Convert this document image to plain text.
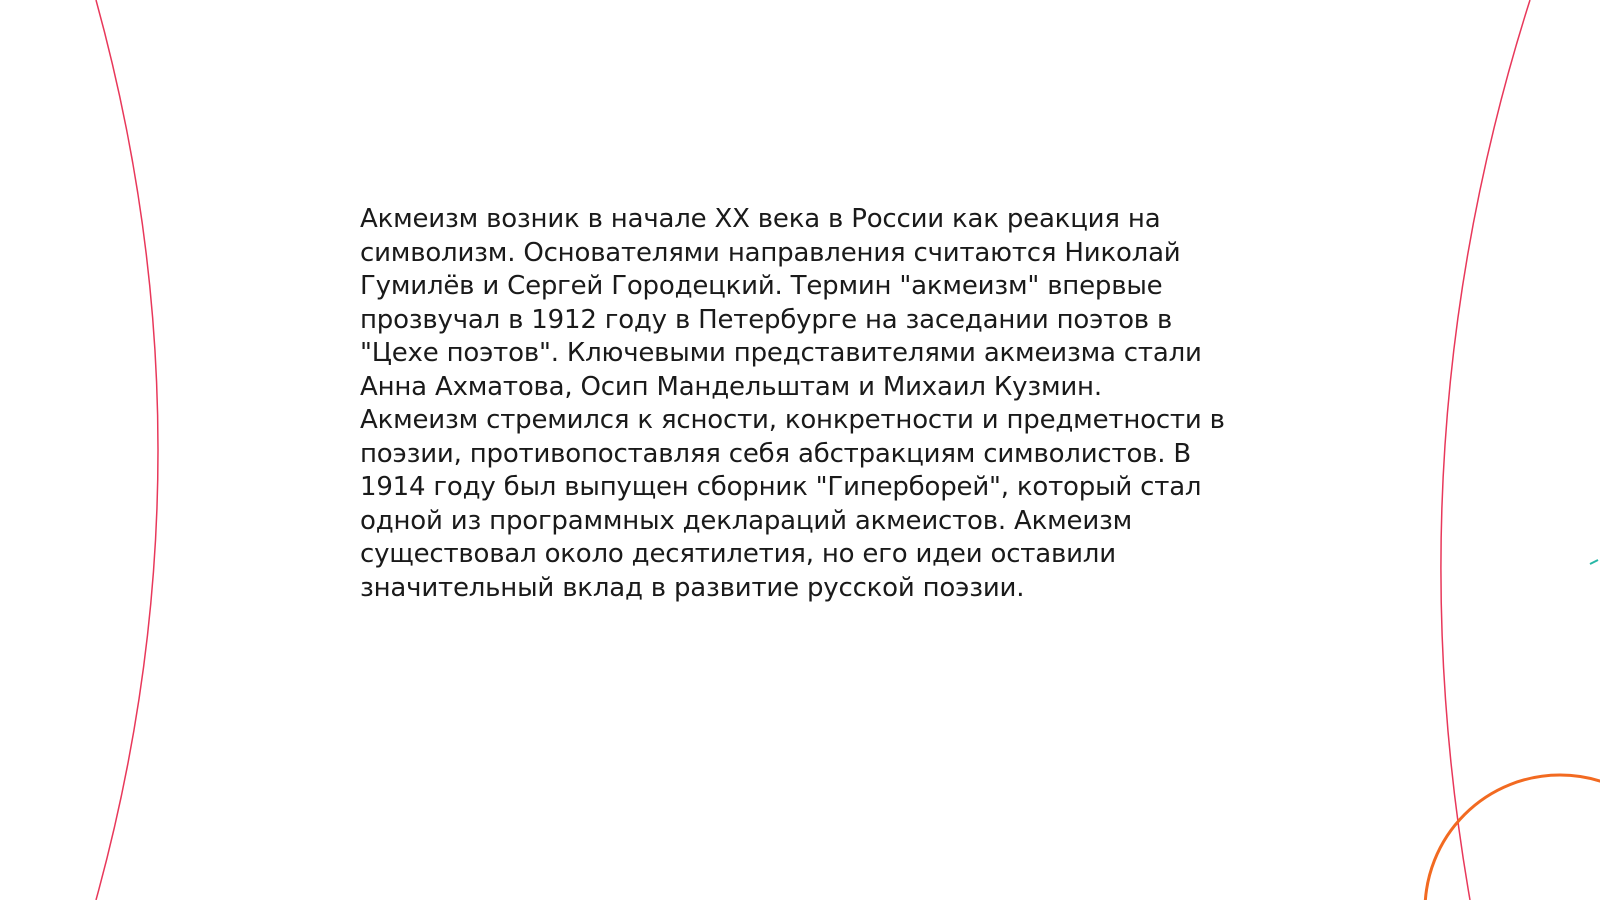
Акмеизм возник в начале XX века в России как реакция на
символизм. Основателями направления считаются Николай
Гумилёв и Сергей Городецкий. Термин "акмеизм" впервые
прозвучал в 1912 году в Петербурге на заседании поэтов в
"Цехе поэтов". Ключевыми представителями акмеизма стали
Анна Ахматова, Осип Мандельштам и Михаил Кузмин.
Акмеизм стремился к ясности, конкретности и предметности в
поэзии, противопоставляя себя абстракциям символистов. В
1914 году был выпущен сборник "Гиперборей", который стал
одной из программных деклараций акмеистов. Акмеизм
существовал около десятилетия, но его идеи оставили
значительный вклад в развитие русской поэзии.
